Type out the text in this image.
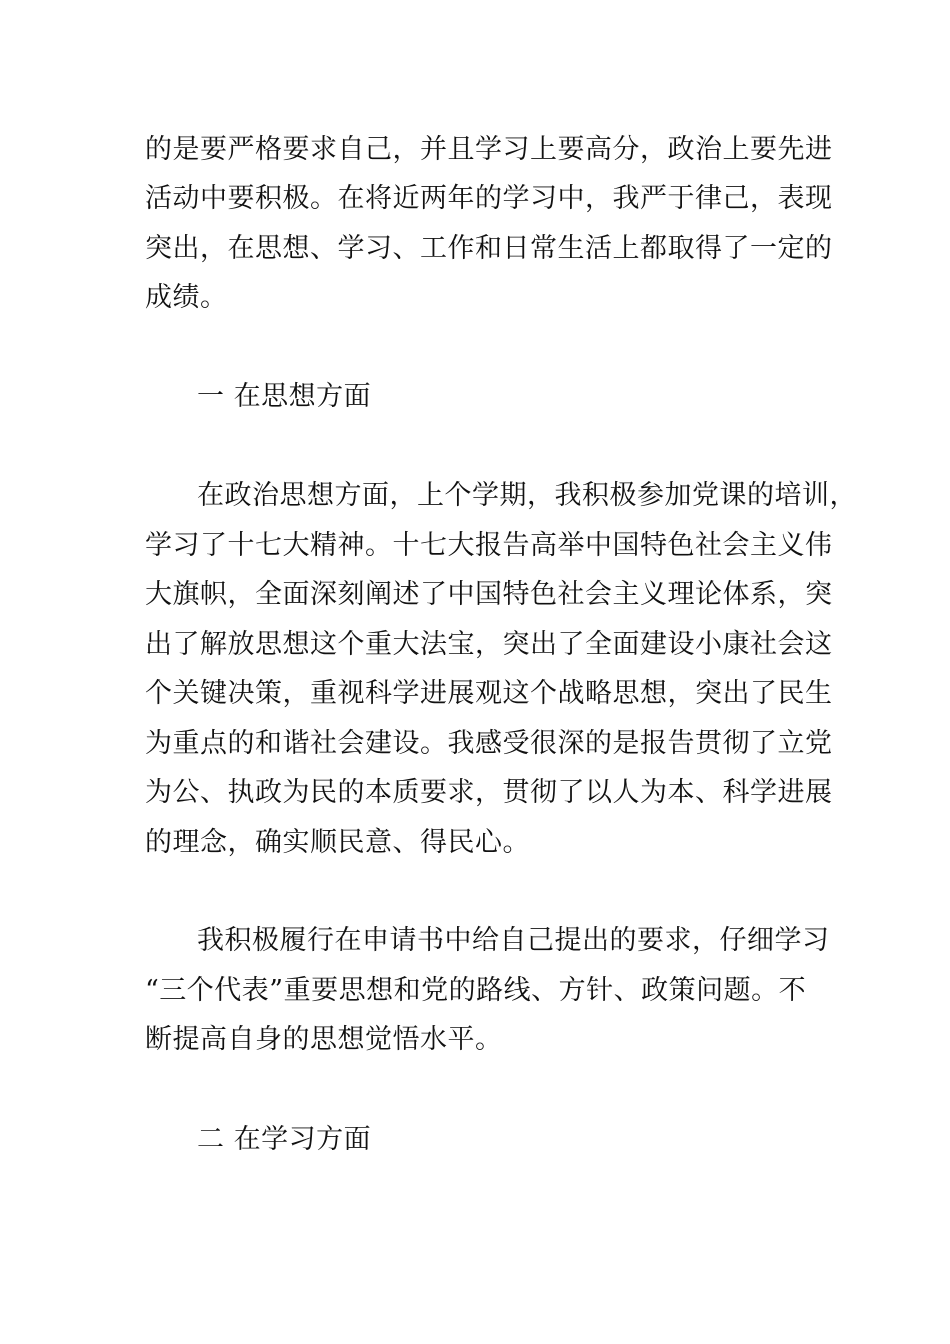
的是要严格要求自己，并且学习上要高分，政治上要先进
活动中要积极。在将近两年的学习中，我严于律己，表现
突出，在思想、学习、工作和日常生活上都取得了一定的
成绩。
一 在思想方面
在政治思想方面，上个学期，我积极参加党课的培训，
学习了十七大精神。十七大报告高举中国特色社会主义伟
大旗帜，全面深刻阐述了中国特色社会主义理论体系，突
出了解放思想这个重大法宝，突出了全面建设小康社会这
个关键决策，重视科学进展观这个战略思想，突出了民生
为重点的和谐社会建设。我感受很深的是报告贯彻了立党
为公、执政为民的本质要求，贯彻了以人为本、科学进展
的理念，确实顺民意、得民心。
我积极履行在申请书中给自己提出的要求，仔细学习
“三个代表”重要思想和党的路线、方针、政策问题。不
断提高自身的思想觉悟水平。
二 在学习方面
